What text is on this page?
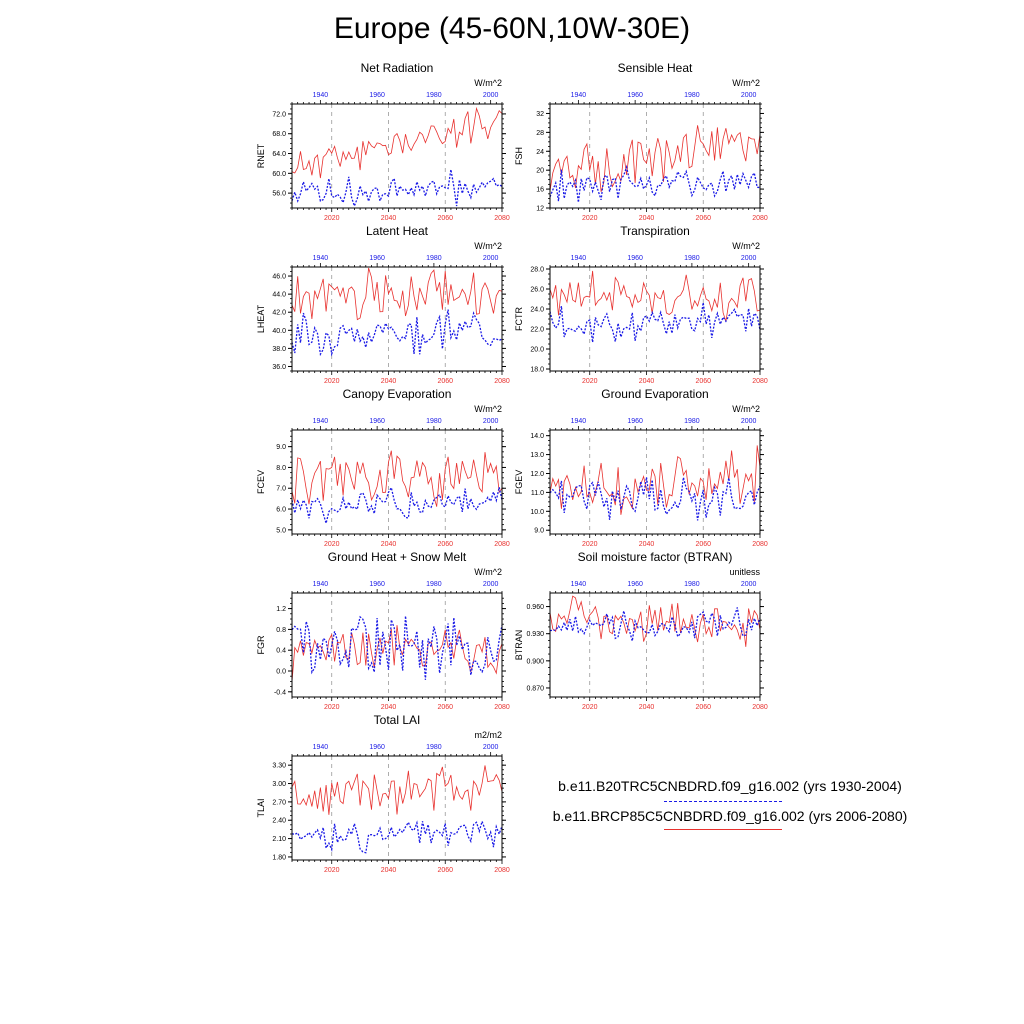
Europe (45-60N,10W-30E)
Net Radiation
W/m^2
56.0
60.0
64.0
68.0
72.0
2020	2040	2060	2080
1940	1960	1980	2000
RNET
Sensible Heat
W/m^2
12
16
20
24
28
32
2020	2040	2060	2080
1940	1960	1980	2000
FSH
Latent Heat
W/m^2
36.0
38.0
40.0
42.0
44.0
46.0
2020	2040	2060	2080
1940	1960	1980	2000
LHEAT
Transpiration
W/m^2
18.0
20.0
22.0
24.0
26.0
28.0
2020	2040	2060	2080
1940	1960	1980	2000
FCTR
Canopy Evaporation
W/m^2
5.0
6.0
7.0
8.0
9.0
2020	2040	2060	2080
1940	1960	1980	2000
FCEV
Ground Evaporation
W/m^2
9.0
10.0
11.0
12.0
13.0
14.0
2020	2040	2060	2080
1940	1960	1980	2000
FGEV
Ground Heat + Snow Melt
W/m^2
-0.4
0.0
0.4
0.8
1.2
2020	2040	2060	2080
1940	1960	1980	2000
FGR
Soil moisture factor (BTRAN)
unitless
0.870
0.900
0.930
0.960
2020	2040	2060	2080
1940	1960	1980	2000
BTRAN
Total LAI
m2/m2
1.80
2.10
2.40
2.70
3.00
3.30
2020	2040	2060	2080
1940	1960	1980	2000
TLAI
b.e11.B20TRC5CNBDRD.f09_g16.002 (yrs 1930-2004)
b.e11.BRCP85C5CNBDRD.f09_g16.002 (yrs 2006-2080)
